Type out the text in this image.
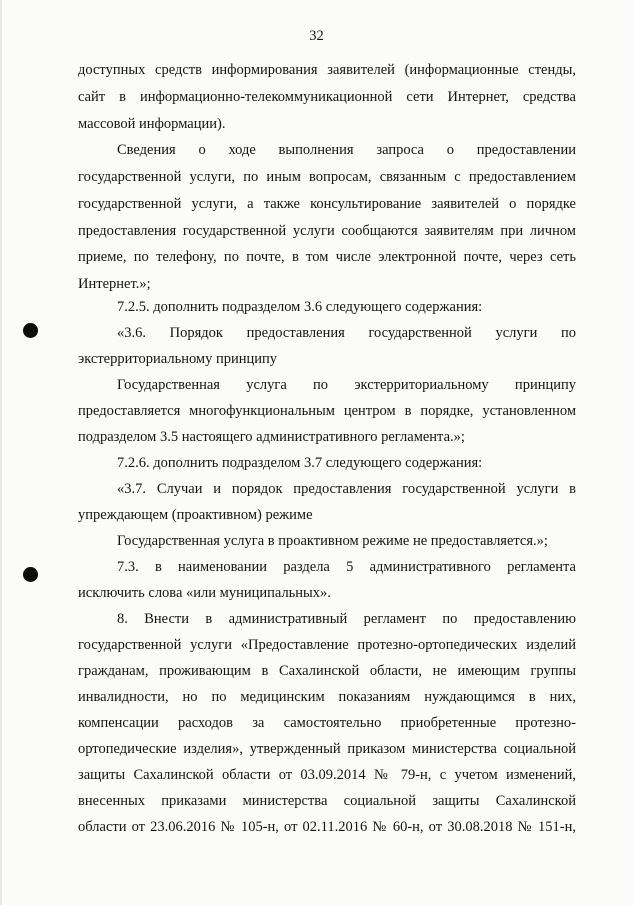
32
доступных средств информирования заявителей (информационные стенды,
сайт в информационно-телекоммуникационной сети Интернет, средства
массовой информации).
Сведения о ходе выполнения запроса о предоставлении
государственной услуги, по иным вопросам, связанным с предоставлением
государственной услуги, а также консультирование заявителей о порядке
предоставления государственной услуги сообщаются заявителям при личном
приеме, по телефону, по почте, в том числе электронной почте, через сеть
Интернет.»;
7.2.5. дополнить подразделом 3.6 следующего содержания:
«3.6. Порядок предоставления государственной услуги по
экстерриториальному принципу
Государственная услуга по экстерриториальному принципу
предоставляется многофункциональным центром в порядке, установленном
подразделом 3.5 настоящего административного регламента.»;
7.2.6. дополнить подразделом 3.7 следующего содержания:
«3.7. Случаи и порядок предоставления государственной услуги в
упреждающем (проактивном) режиме
Государственная услуга в проактивном режиме не предоставляется.»;
7.3. в наименовании раздела 5 административного регламента
исключить слова «или муниципальных».
8. Внести в административный регламент по предоставлению
государственной услуги «Предоставление протезно-ортопедических изделий
гражданам, проживающим в Сахалинской области, не имеющим группы
инвалидности, но по медицинским показаниям нуждающимся в них,
компенсации расходов за самостоятельно приобретенные протезно-
ортопедические изделия», утвержденный приказом министерства социальной
защиты Сахалинской области от 03.09.2014 № 79-н, с учетом изменений,
внесенных приказами министерства социальной защиты Сахалинской
области от 23.06.2016 № 105-н, от 02.11.2016 № 60-н, от 30.08.2018 № 151-н,
